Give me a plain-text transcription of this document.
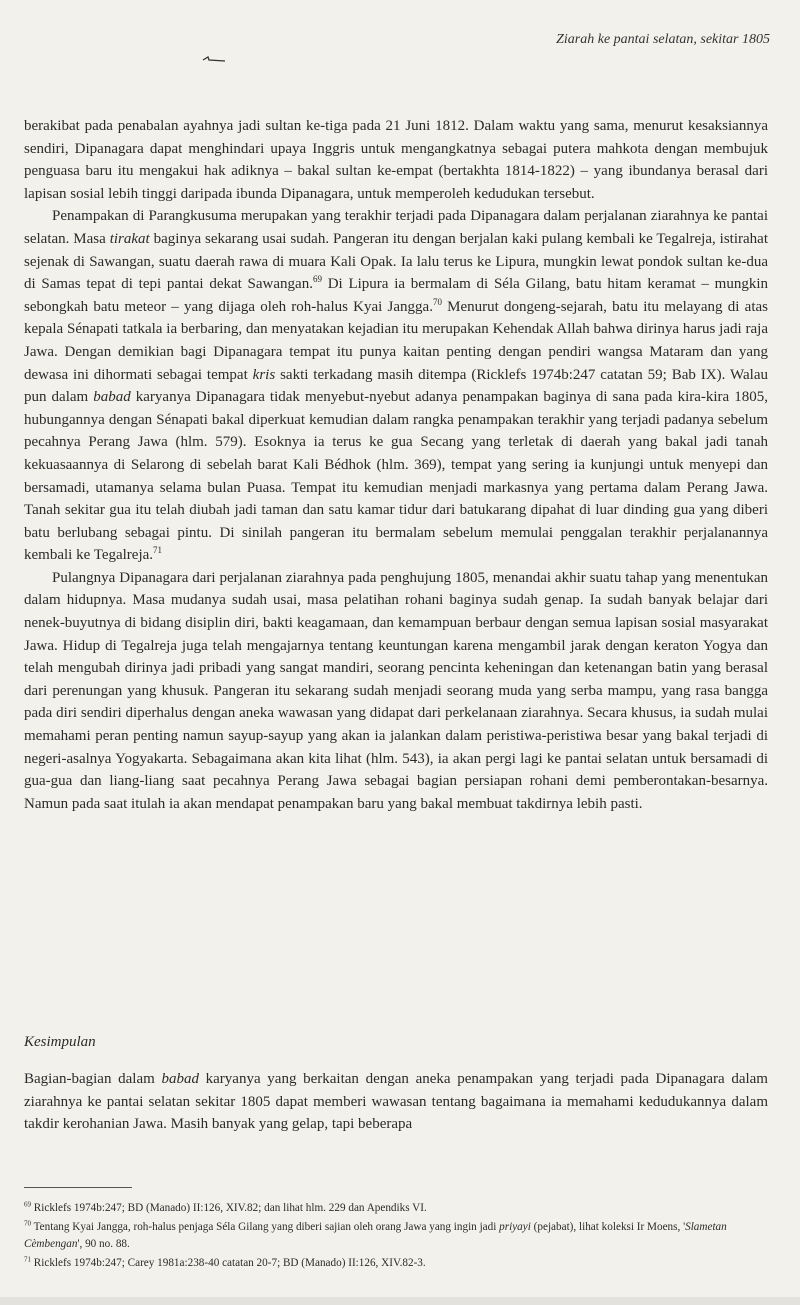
Ziarah ke pantai selatan, sekitar 1805

berakibat pada penabalan ayahnya jadi sultan ke-tiga pada 21 Juni 1812. Dalam waktu yang sama, menurut kesaksiannya sendiri, Dipanagara dapat menghindari upaya Inggris untuk mengangkatnya sebagai putera mahkota dengan membujuk penguasa baru itu mengakui hak adiknya – bakal sultan ke-empat (bertakhta 1814-1822) – yang ibundanya berasal dari lapisan sosial lebih tinggi daripada ibunda Dipanagara, untuk memperoleh kedudukan tersebut.

Penampakan di Parangkusuma merupakan yang terakhir terjadi pada Dipanagara dalam perjalanan ziarahnya ke pantai selatan. Masa tirakat baginya sekarang usai sudah. Pangeran itu dengan berjalan kaki pulang kembali ke Tegalreja, istirahat sejenak di Sawangan, suatu daerah rawa di muara Kali Opak. Ia lalu terus ke Lipura, mungkin lewat pondok sultan ke-dua di Samas tepat di tepi pantai dekat Sawangan.$^{69}$ Di Lipura ia bermalam di Séla Gilang, batu hitam keramat – mungkin sebongkah batu meteor – yang dijaga oleh roh-halus Kyai Jangga.$^{70}$ Menurut dongeng-sejarah, batu itu melayang di atas kepala Sénapati tatkala ia berbaring, dan menyatakan kejadian itu merupakan Kehendak Allah bahwa dirinya harus jadi raja Jawa. Dengan demikian bagi Dipanagara tempat itu punya kaitan penting dengan pendiri wangsa Mataram dan yang dewasa ini dihormati sebagai tempat kris sakti terkadang masih ditempa (Ricklefs 1974b:247 catatan 59; Bab IX). Walau pun dalam babad karyanya Dipanagara tidak menyebut-nyebut adanya penampakan baginya di sana pada kira-kira 1805, hubungannya dengan Sénapati bakal diperkuat kemudian dalam rangka penampakan terakhir yang terjadi padanya sebelum pecahnya Perang Jawa (hlm. 579). Esoknya ia terus ke gua Secang yang terletak di daerah yang bakal jadi tanah kekuasaannya di Selarong di sebelah barat Kali Bédhok (hlm. 369), tempat yang sering ia kunjungi untuk menyepi dan bersamadi, utamanya selama bulan Puasa. Tempat itu kemudian menjadi markasnya yang pertama dalam Perang Jawa. Tanah sekitar gua itu telah diubah jadi taman dan satu kamar tidur dari batukarang dipahat di luar dinding gua yang diberi batu berlubang sebagai pintu. Di sinilah pangeran itu bermalam sebelum memulai penggalan terakhir perjalanannya kembali ke Tegalreja.$^{71}$

Pulangnya Dipanagara dari perjalanan ziarahnya pada penghujung 1805, menandai akhir suatu tahap yang menentukan dalam hidupnya. Masa mudanya sudah usai, masa pelatihan rohani baginya sudah genap. Ia sudah banyak belajar dari nenek-buyutnya di bidang disiplin diri, bakti keagamaan, dan kemampuan berbaur dengan semua lapisan sosial masyarakat Jawa. Hidup di Tegalreja juga telah mengajarnya tentang keuntungan karena mengambil jarak dengan keraton Yogya dan telah mengubah dirinya jadi pribadi yang sangat mandiri, seorang pencinta keheningan dan ketenangan batin yang berasal dari perenungan yang khusuk. Pangeran itu sekarang sudah menjadi seorang muda yang serba mampu, yang rasa bangga pada diri sendiri diperhalus dengan aneka wawasan yang didapat dari perkelanaan ziarahnya. Secara khusus, ia sudah mulai memahami peran penting namun sayup-sayup yang akan ia jalankan dalam peristiwa-peristiwa besar yang bakal terjadi di negeri-asalnya Yogyakarta. Sebagaimana akan kita lihat (hlm. 543), ia akan pergi lagi ke pantai selatan untuk bersamadi di gua-gua dan liang-liang saat pecahnya Perang Jawa sebagai bagian persiapan rohani demi pemberontakan-besarnya. Namun pada saat itulah ia akan mendapat penampakan baru yang bakal membuat takdirnya lebih pasti.

Kesimpulan

Bagian-bagian dalam babad karyanya yang berkaitan dengan aneka penampakan yang terjadi pada Dipanagara dalam ziarahnya ke pantai selatan sekitar 1805 dapat memberi wawasan tentang bagaimana ia memahami kedudukannya dalam takdir kerohanian Jawa. Masih banyak yang gelap, tapi beberapa

$^{69}$ Ricklefs 1974b:247; BD (Manado) II:126, XIV.82; dan lihat hlm. 229 dan Apendiks VI.

$^{70}$ Tentang Kyai Jangga, roh-halus penjaga Séla Gilang yang diberi sajian oleh orang Jawa yang ingin jadi priyayi (pejabat), lihat koleksi Ir Moens, 'Slametan Cèmbengan', 90 no. 88.

$^{71}$ Ricklefs 1974b:247; Carey 1981a:238-40 catatan 20-7; BD (Manado) II:126, XIV.82-3.
